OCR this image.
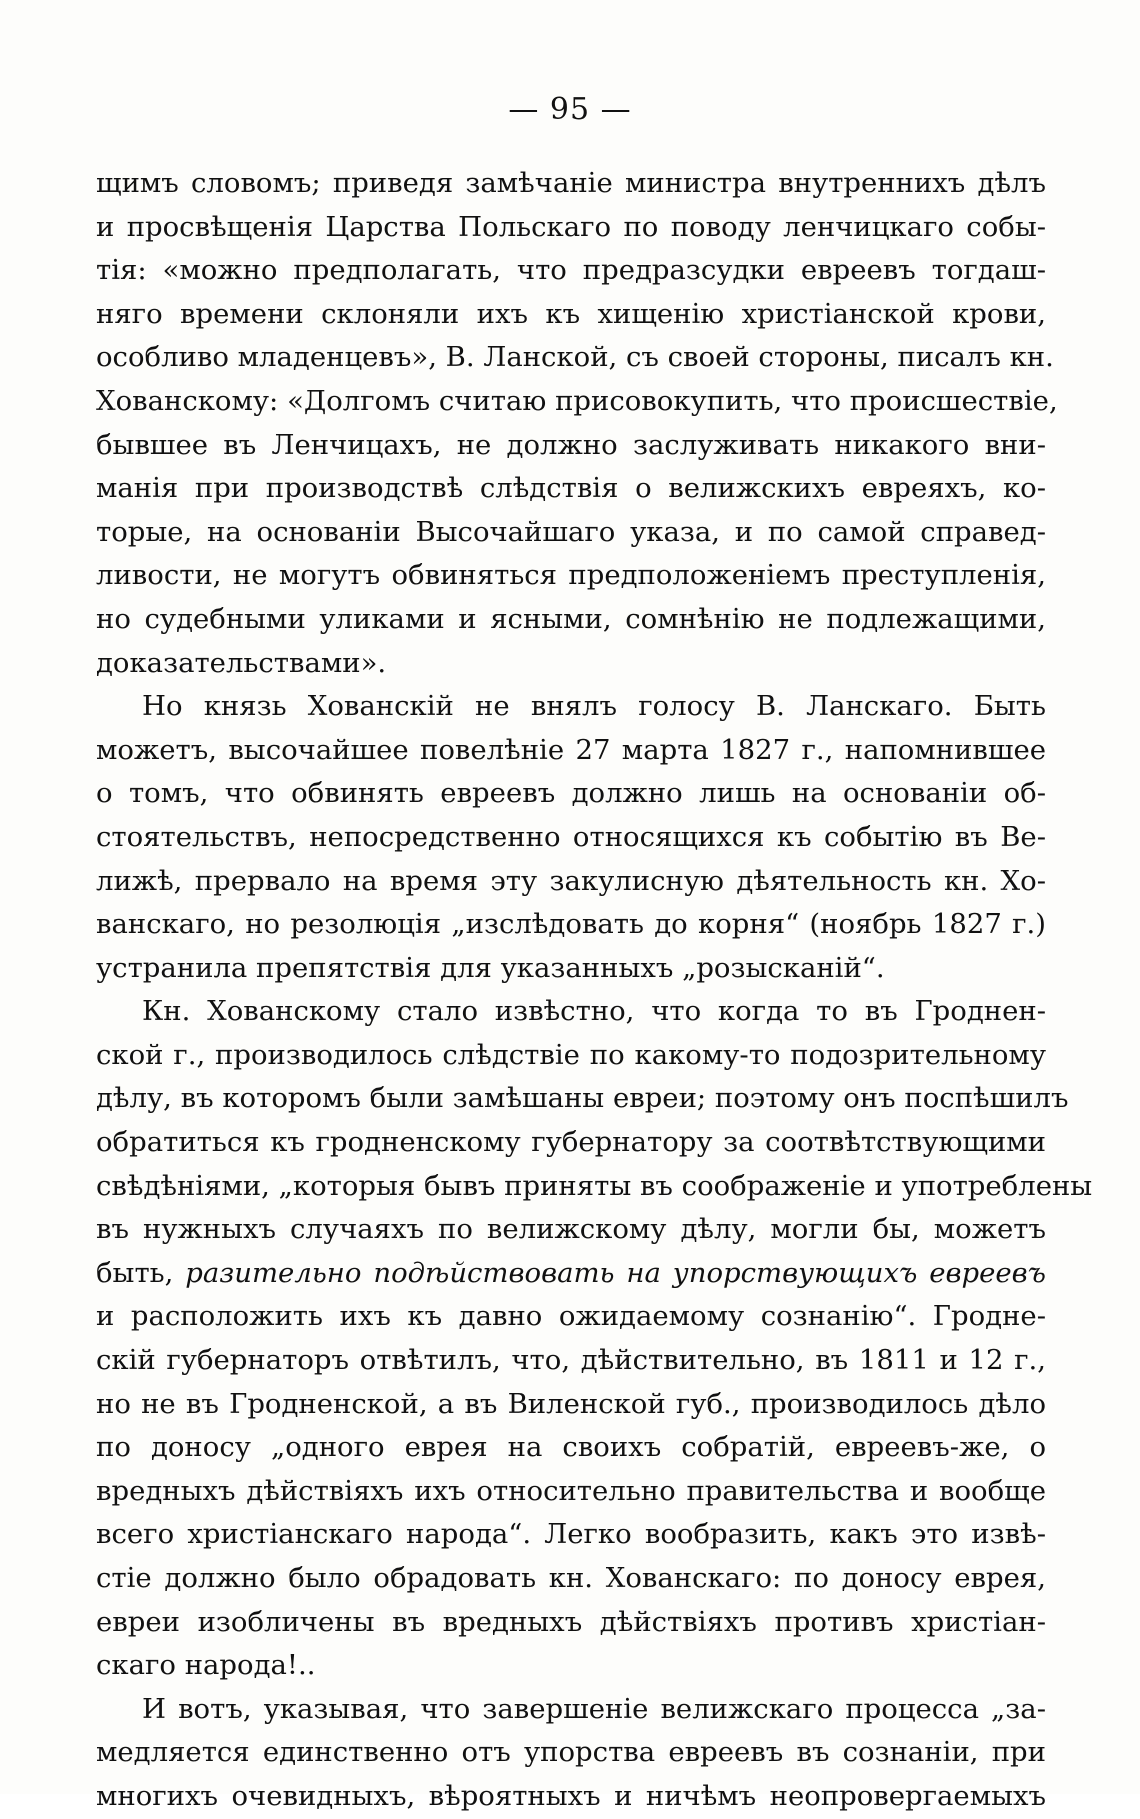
— 95 —
щимъ словомъ; приведя замѣчаніе министра внутреннихъ дѣлъ
и просвѣщенія Царства Польскаго по поводу ленчицкаго собы-
тія: «можно предполагать, что предразсудки евреевъ тогдаш-
няго времени склоняли ихъ къ хищенію христіанской крови,
особливо младенцевъ», В. Ланской, съ своей стороны, писалъ кн.
Хованскому: «Долгомъ считаю присовокупить, что происшествіе,
бывшее въ Ленчицахъ, не должно заслуживать никакого вни-
манія при производствѣ слѣдствія о велижскихъ евреяхъ, ко-
торые, на основаніи Высочайшаго указа, и по самой справед-
ливости, не могутъ обвиняться предположеніемъ преступленія,
но судебными уликами и ясными, сомнѣнію не подлежащими,
доказательствами».
Но князь Хованскій не внялъ голосу В. Ланскаго. Быть
можетъ, высочайшее повелѣніе 27 марта 1827 г., напомнившее
о томъ, что обвинять евреевъ должно лишь на основаніи об-
стоятельствъ, непосредственно относящихся къ событію въ Ве-
лижѣ, прервало на время эту закулисную дѣятельность кн. Хо-
ванскаго, но резолюція „изслѣдовать до корня“ (ноябрь 1827 г.)
устранила препятствія для указанныхъ „розысканій“.
Кн. Хованскому стало извѣстно, что когда то въ Гроднен-
ской г., производилось слѣдствіе по какому-то подозрительному
дѣлу, въ которомъ были замѣшаны евреи; поэтому онъ поспѣшилъ
обратиться къ гродненскому губернатору за соотвѣтствующими
свѣдѣніями, „которыя бывъ приняты въ соображеніе и употреблены
въ нужныхъ случаяхъ по велижскому дѣлу, могли бы, можетъ
быть, разительно подѣйствовать на упорствующихъ евреевъ
и расположить ихъ къ давно ожидаемому сознанію“. Гродне-
скій губернаторъ отвѣтилъ, что, дѣйствительно, въ 1811 и 12 г.,
но не въ Гродненской, а въ Виленской губ., производилось дѣло
по доносу „одного еврея на своихъ собратій, евреевъ-же, о
вредныхъ дѣйствіяхъ ихъ относительно правительства и вообще
всего христіанскаго народа“. Легко вообразить, какъ это извѣ-
стіе должно было обрадовать кн. Хованскаго: по доносу еврея,
евреи изобличены въ вредныхъ дѣйствіяхъ противъ христіан-
скаго народа!..
И вотъ, указывая, что завершеніе велижскаго процесса „за-
медляется единственно отъ упорства евреевъ въ сознаніи, при
многихъ очевидныхъ, вѣроятныхъ и ничѣмъ неопровергаемыхъ
